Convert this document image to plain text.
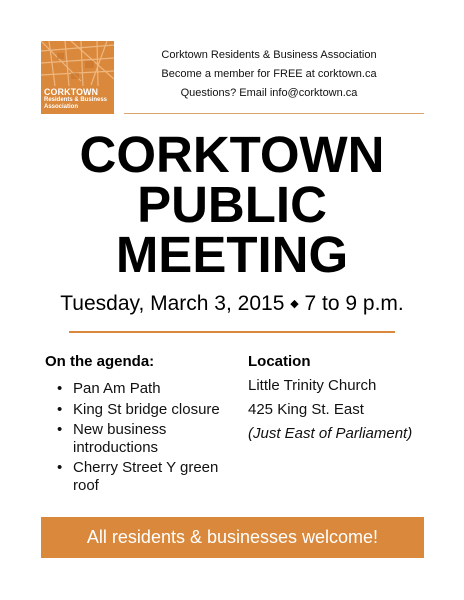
CORKTOWN
Residents & Business
Association
Corktown Residents & Business Association
Become a member for FREE at corktown.ca
Questions? Email info@corktown.ca
CORKTOWN
PUBLIC
MEETING
Tuesday, March 3, 2015 ◆ 7 to 9 p.m.
On the agenda:
• Pan Am Path
• King St bridge closure
• New business introductions
• Cherry Street Y green roof
Location
Little Trinity Church
425 King St. East
(Just East of Parliament)
All residents & businesses welcome!
